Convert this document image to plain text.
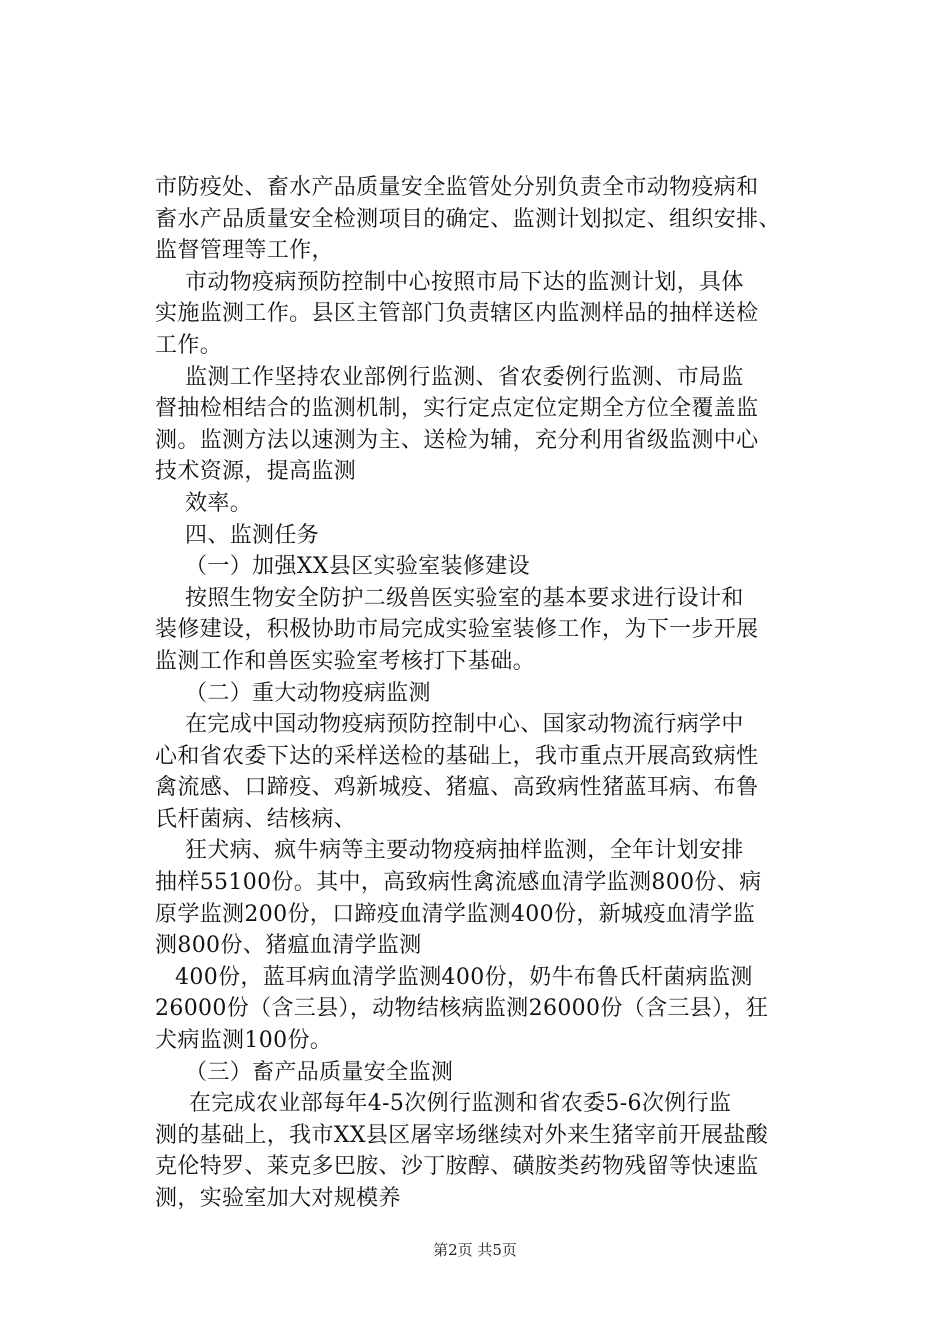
市防疫处、畜水产品质量安全监管处分别负责全市动物疫病和
畜水产品质量安全检测项目的确定、监测计划拟定、组织安排、
监督管理等工作，
市动物疫病预防控制中心按照市局下达的监测计划，具体
实施监测工作。县区主管部门负责辖区内监测样品的抽样送检
工作。
监测工作坚持农业部例行监测、省农委例行监测、市局监
督抽检相结合的监测机制，实行定点定位定期全方位全覆盖监
测。监测方法以速测为主、送检为辅，充分利用省级监测中心
技术资源，提高监测
效率。
四、监测任务
（一）加强XX县区实验室装修建设
按照生物安全防护二级兽医实验室的基本要求进行设计和
装修建设，积极协助市局完成实验室装修工作，为下一步开展
监测工作和兽医实验室考核打下基础。
（二）重大动物疫病监测
在完成中国动物疫病预防控制中心、国家动物流行病学中
心和省农委下达的采样送检的基础上，我市重点开展高致病性
禽流感、口蹄疫、鸡新城疫、猪瘟、高致病性猪蓝耳病、布鲁
氏杆菌病、结核病、
狂犬病、疯牛病等主要动物疫病抽样监测，全年计划安排
抽样55100份。其中，高致病性禽流感血清学监测800份、病
原学监测200份，口蹄疫血清学监测400份，新城疫血清学监
测800份、猪瘟血清学监测
400份，蓝耳病血清学监测400份，奶牛布鲁氏杆菌病监测
26000份（含三县），动物结核病监测26000份（含三县），狂
犬病监测100份。
（三）畜产品质量安全监测
在完成农业部每年4-5次例行监测和省农委5-6次例行监
测的基础上，我市XX县区屠宰场继续对外来生猪宰前开展盐酸
克伦特罗、莱克多巴胺、沙丁胺醇、磺胺类药物残留等快速监
测，实验室加大对规模养
第2页 共5页
